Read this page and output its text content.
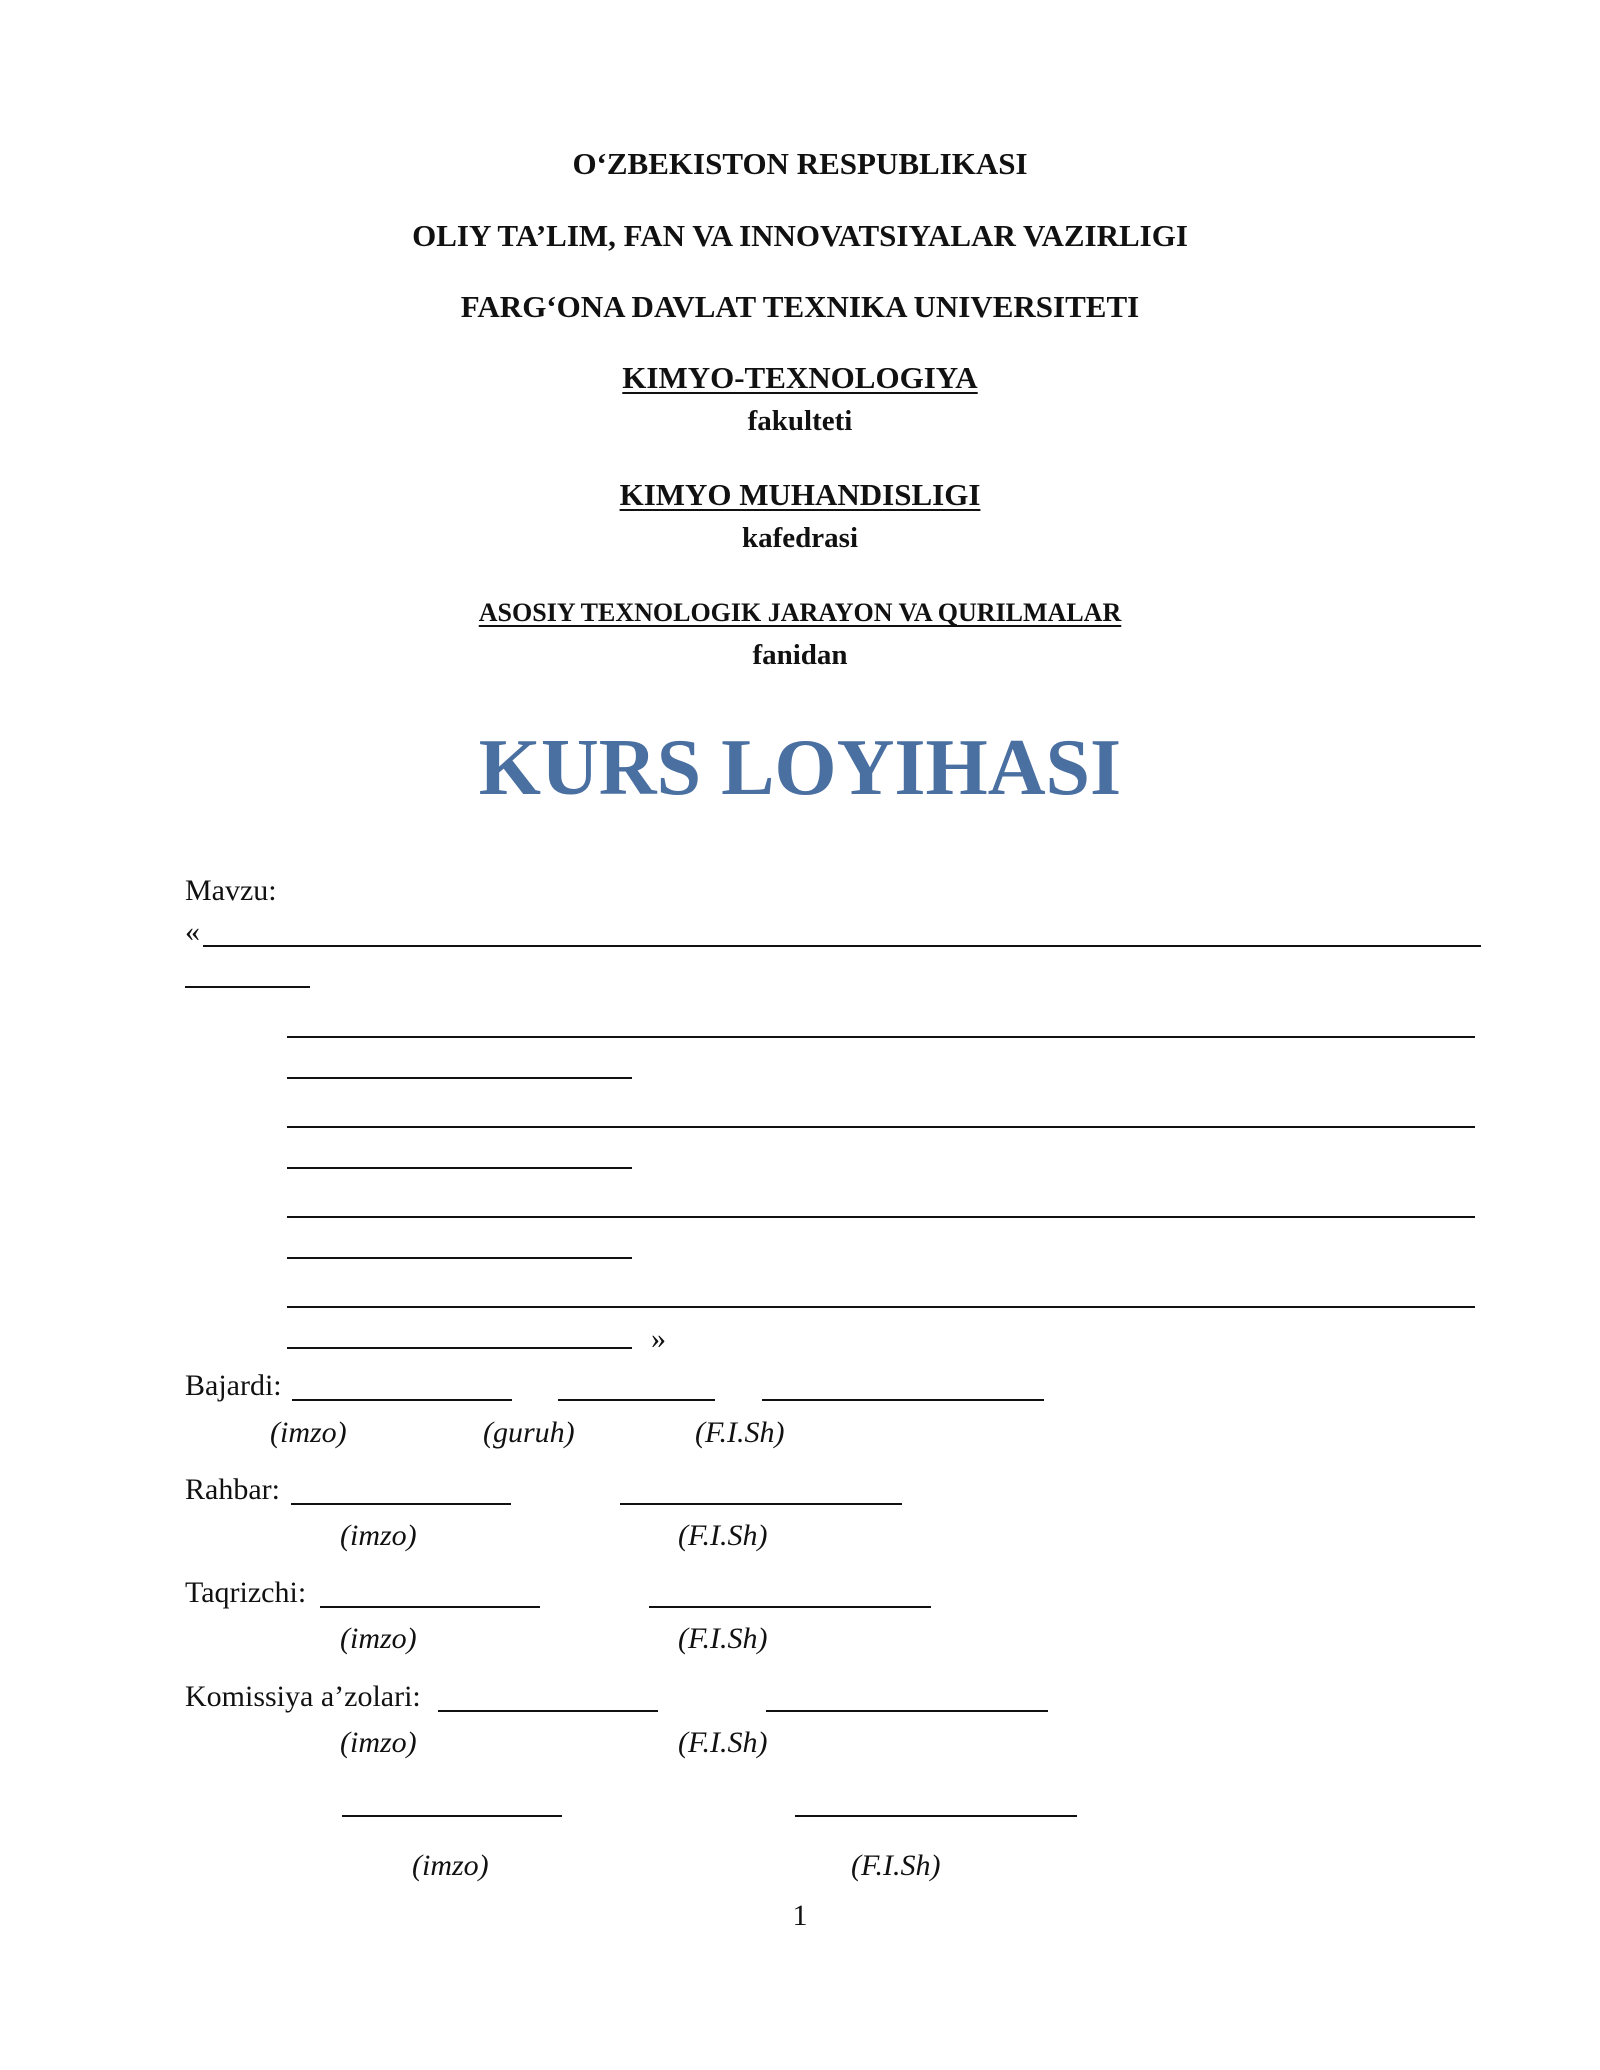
O‘ZBEKISTON RESPUBLIKASI
OLIY TA’LIM, FAN VA INNOVATSIYALAR VAZIRLIGI
FARG‘ONA DAVLAT TEXNIKA UNIVERSITETI
KIMYO-TEXNOLOGIYA
fakulteti
KIMYO MUHANDISLIGI
kafedrasi
ASOSIY TEXNOLOGIK JARAYON VA QURILMALAR
fanidan
KURS LOYIHASI
Mavzu:
«
»
Bajardi:
(imzo)	(guruh)	(F.I.Sh)
Rahbar:
(imzo)	(F.I.Sh)
Taqrizchi:
(imzo)	(F.I.Sh)
Komissiya a’zolari:
(imzo)	(F.I.Sh)
(imzo)	(F.I.Sh)
1
